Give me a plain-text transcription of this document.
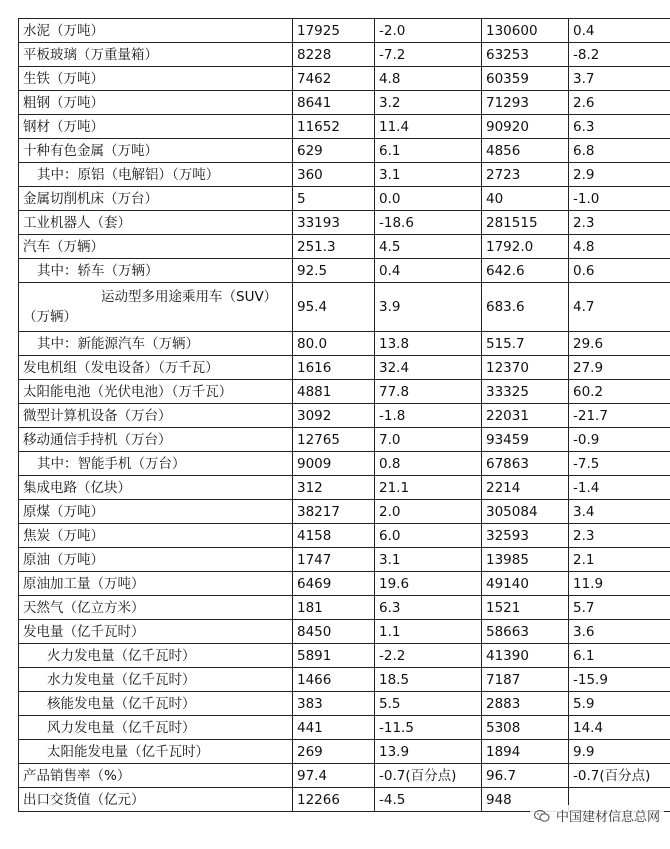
水泥（万吨）	17925	-2.0	130600	0.4
平板玻璃（万重量箱）	8228	-7.2	63253	-8.2
生铁（万吨）	7462	4.8	60359	3.7
粗钢（万吨）	8641	3.2	71293	2.6
钢材（万吨）	11652	11.4	90920	6.3
十种有色金属（万吨）	629	6.1	4856	6.8
其中：原铝（电解铝）（万吨）	360	3.1	2723	2.9
金属切削机床（万台）	5	0.0	40	-1.0
工业机器人（套）	33193	-18.6	281515	2.3
汽车（万辆）	251.3	4.5	1792.0	4.8
其中：轿车（万辆）	92.5	0.4	642.6	0.6
运动型多用途乘用车（SUV）（万辆）	95.4	3.9	683.6	4.7
其中：新能源汽车（万辆）	80.0	13.8	515.7	29.6
发电机组（发电设备）（万千瓦）	1616	32.4	12370	27.9
太阳能电池（光伏电池）（万千瓦）	4881	77.8	33325	60.2
微型计算机设备（万台）	3092	-1.8	22031	-21.7
移动通信手持机（万台）	12765	7.0	93459	-0.9
其中：智能手机（万台）	9009	0.8	67863	-7.5
集成电路（亿块）	312	21.1	2214	-1.4
原煤（万吨）	38217	2.0	305084	3.4
焦炭（万吨）	4158	6.0	32593	2.3
原油（万吨）	1747	3.1	13985	2.1
原油加工量（万吨）	6469	19.6	49140	11.9
天然气（亿立方米）	181	6.3	1521	5.7
发电量（亿千瓦时）	8450	1.1	58663	3.6
火力发电量（亿千瓦时）	5891	-2.2	41390	6.1
水力发电量（亿千瓦时）	1466	18.5	7187	-15.9
核能发电量（亿千瓦时）	383	5.5	2883	5.9
风力发电量（亿千瓦时）	441	-11.5	5308	14.4
太阳能发电量（亿千瓦时）	269	13.9	1894	9.9
产品销售率（%）	97.4	-0.7(百分点)	96.7	-0.7(百分点)
出口交货值（亿元）	12266	-4.5	948	
中国建材信息总网
